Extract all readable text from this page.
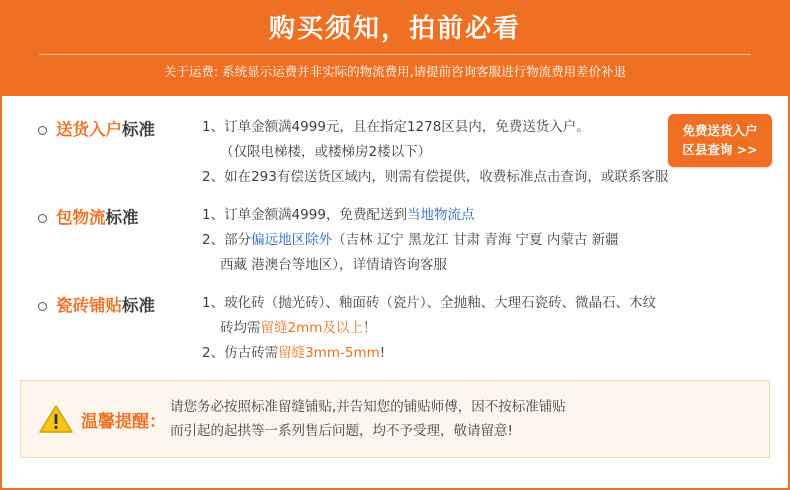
购买须知，拍前必看
关于运费: 系统显示运费并非实际的物流费用,请提前咨询客服进行物流费用差价补退
免费送货入户
区县查询 >>
送货入户标准	1、订单金额满4999元，且在指定1278区县内，免费送货入户。
（仅限电梯楼，或楼梯房2楼以下）
2、如在293有偿送货区域内，则需有偿提供，收费标准点击查询，或联系客服
包物流标准	1、订单金额满4999，免费配送到当地物流点
2、部分偏远地区除外（吉林 辽宁 黑龙江 甘肃 青海 宁夏 内蒙古 新疆
西藏 港澳台等地区），详情请咨询客服
瓷砖铺贴标准	1、玻化砖（抛光砖）、釉面砖（瓷片）、全抛釉、大理石瓷砖、微晶石、木纹
砖均需留缝2mm及以上！
2、仿古砖需留缝3mm-5mm!
温馨提醒：
请您务必按照标准留缝铺贴,并告知您的铺贴师傅，因不按标准铺贴
而引起的起拱等一系列售后问题，均不予受理，敬请留意!
